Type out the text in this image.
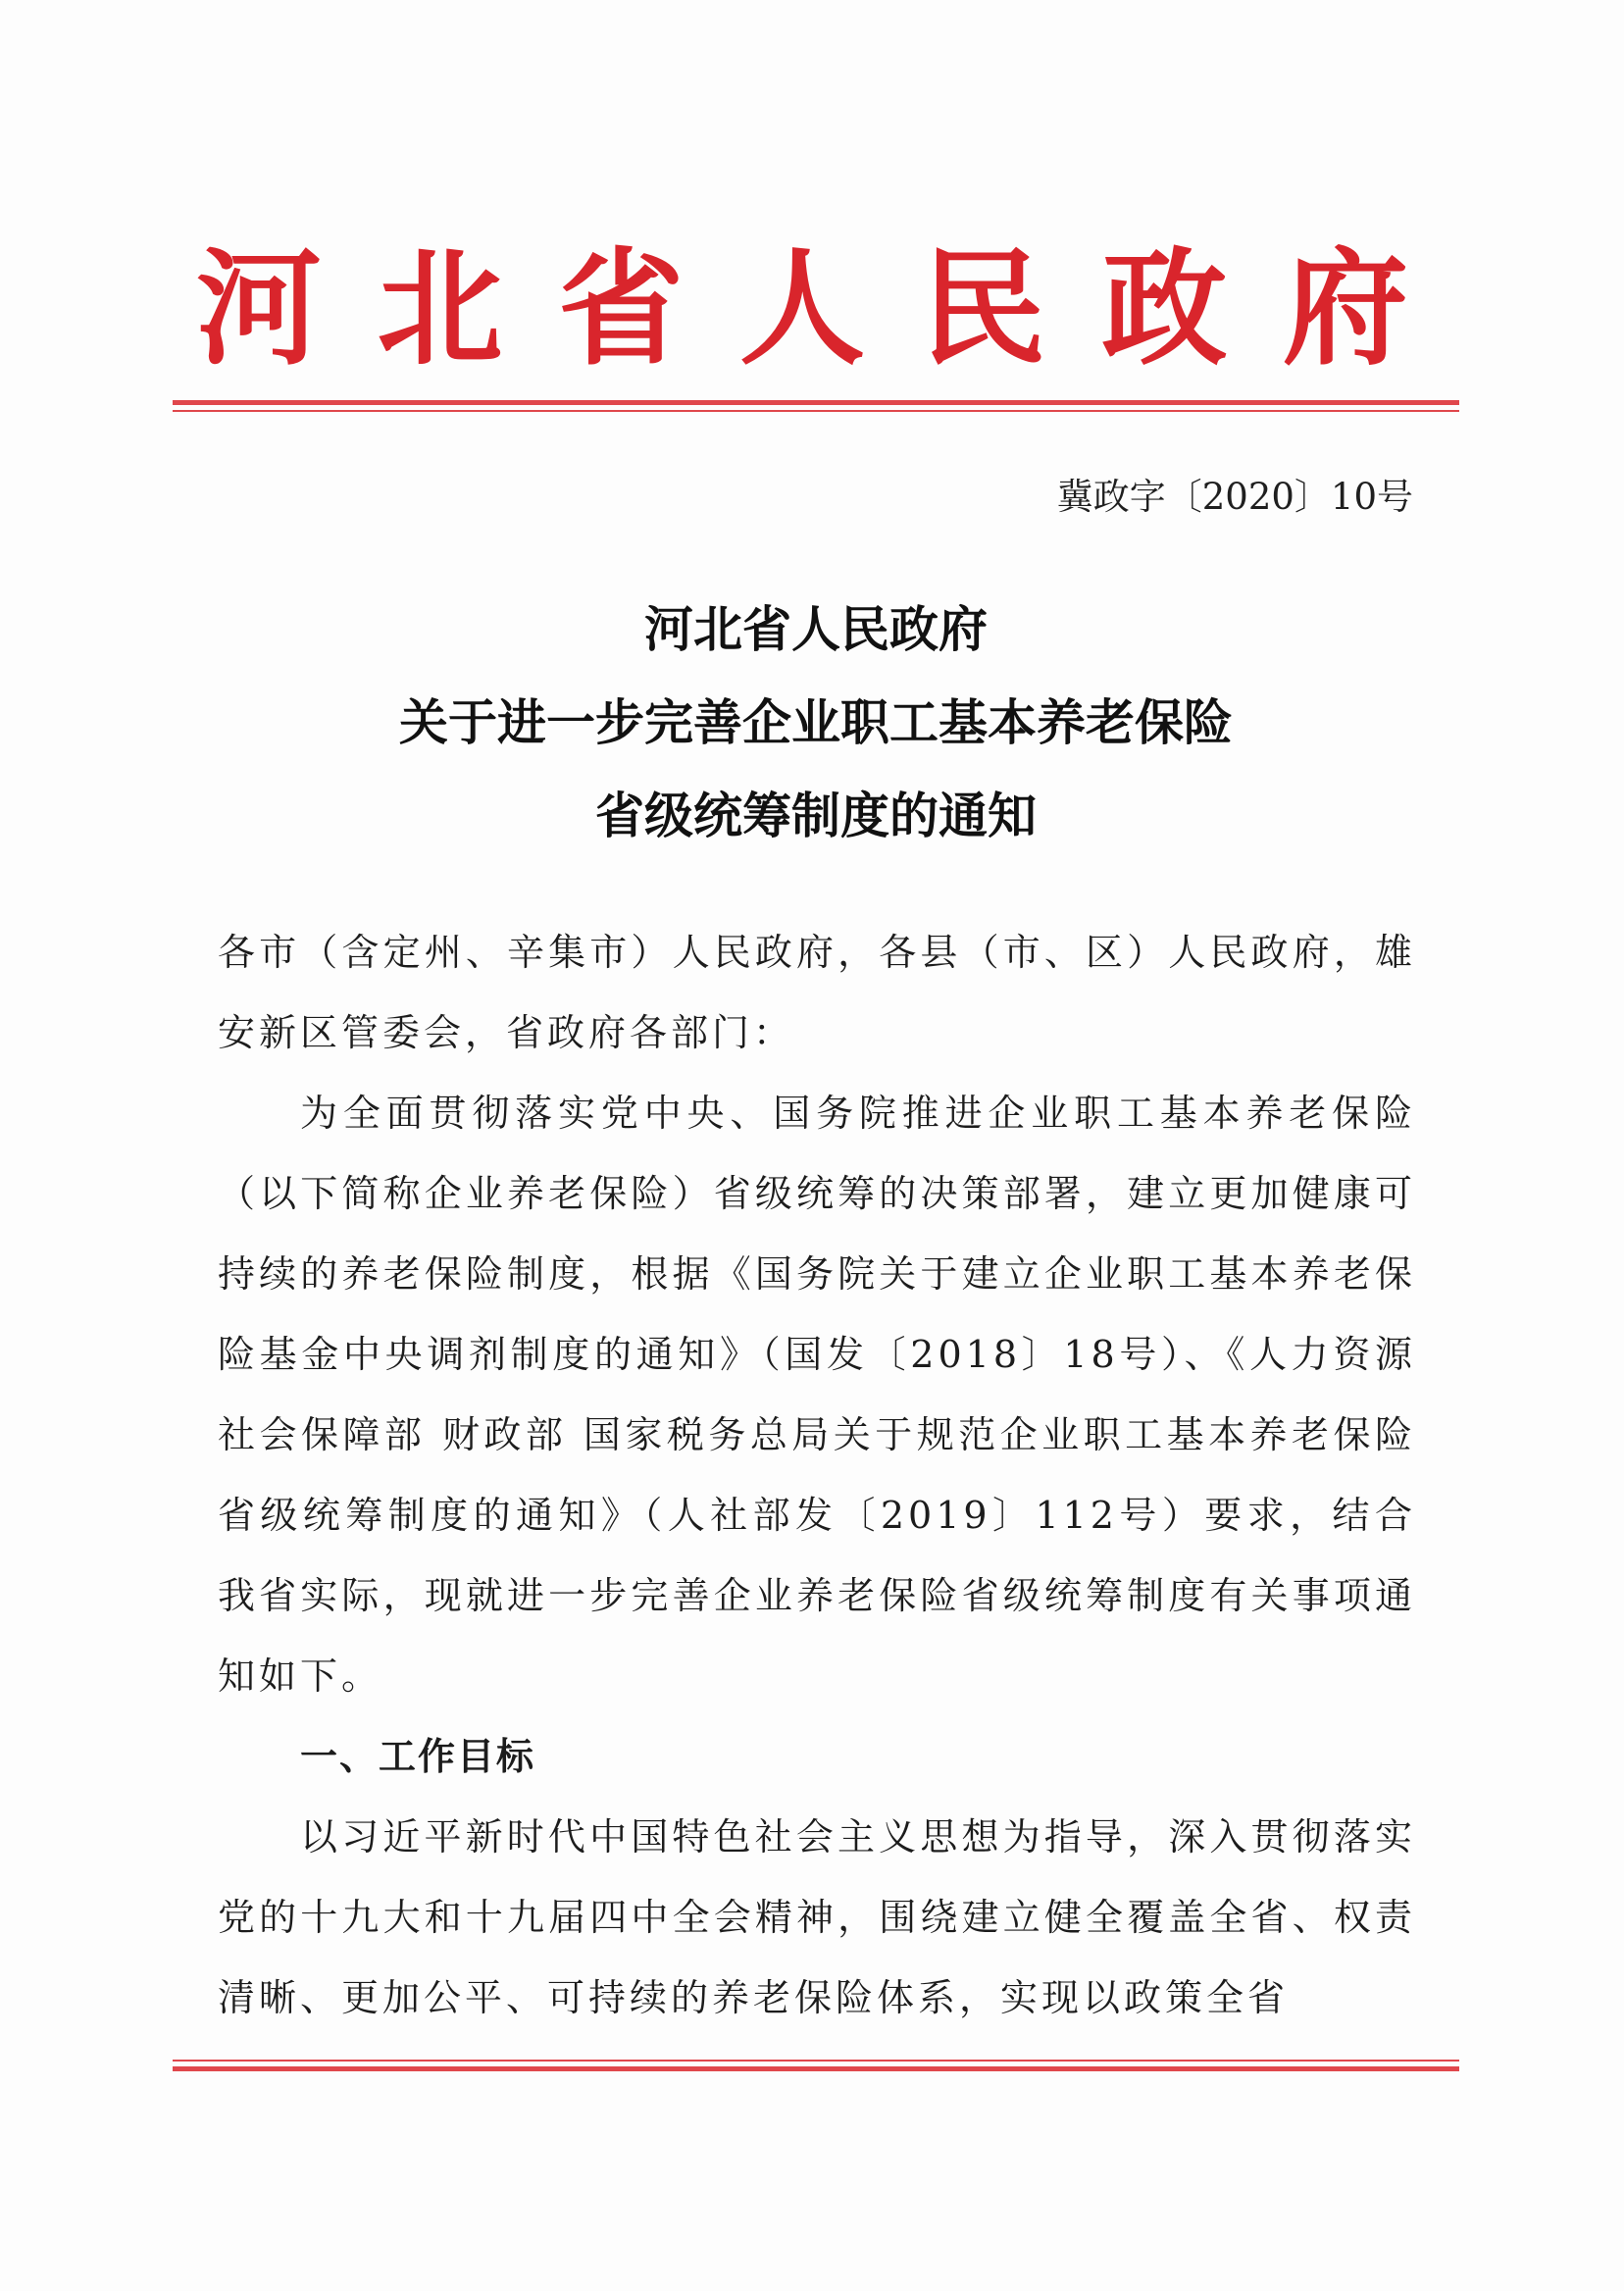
河北省人民政府
冀政字〔2020〕10号
河北省人民政府
关于进一步完善企业职工基本养老保险
省级统筹制度的通知

各市（含定州、辛集市）人民政府，各县（市、区）人民政府，雄安新区管委会，省政府各部门：

为全面贯彻落实党中央、国务院推进企业职工基本养老保险（以下简称企业养老保险）省级统筹的决策部署，建立更加健康可持续的养老保险制度，根据《国务院关于建立企业职工基本养老保险基金中央调剂制度的通知》（国发〔2018〕18号）、《人力资源社会保障部 财政部 国家税务总局关于规范企业职工基本养老保险省级统筹制度的通知》（人社部发〔2019〕112号）要求，结合我省实际，现就进一步完善企业养老保险省级统筹制度有关事项通知如下。

一、工作目标

以习近平新时代中国特色社会主义思想为指导，深入贯彻落实党的十九大和十九届四中全会精神，围绕建立健全覆盖全省、权责清晰、更加公平、可持续的养老保险体系，实现以政策全省
